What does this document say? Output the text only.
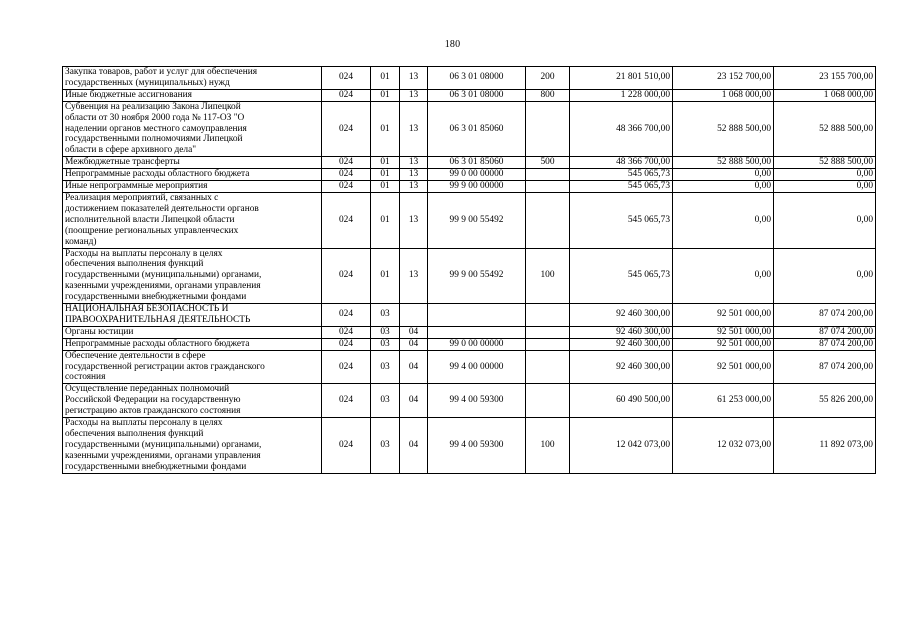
180
Закупка товаров, работ и услуг для обеспечения
государственных (муниципальных) нужд	024	01	13	06 3 01 08000	200	21 801 510,00	23 152 700,00	23 155 700,00

Иные бюджетные ассигнования	024	01	13	06 3 01 08000	800	1 228 000,00	1 068 000,00	1 068 000,00

Субвенция на реализацию Закона Липецкой
области от 30 ноября 2000 года № 117-ОЗ "О
наделении органов местного самоуправления
государственными полномочиями Липецкой
области в сфере архивного дела"	024	01	13	06 3 01 85060		48 366 700,00	52 888 500,00	52 888 500,00

Межбюджетные трансферты	024	01	13	06 3 01 85060	500	48 366 700,00	52 888 500,00	52 888 500,00

Непрограммные расходы областного бюджета	024	01	13	99 0 00 00000		545 065,73	0,00	0,00

Иные непрограммные мероприятия	024	01	13	99 9 00 00000		545 065,73	0,00	0,00

Реализация мероприятий, связанных с
достижением показателей деятельности органов
исполнительной власти Липецкой области
(поощрение региональных управленческих
команд)	024	01	13	99 9 00 55492		545 065,73	0,00	0,00

Расходы на выплаты персоналу в целях
обеспечения выполнения функций
государственными (муниципальными) органами,
казенными учреждениями, органами управления
государственными внебюджетными фондами	024	01	13	99 9 00 55492	100	545 065,73	0,00	0,00

НАЦИОНАЛЬНАЯ БЕЗОПАСНОСТЬ И
ПРАВООХРАНИТЕЛЬНАЯ ДЕЯТЕЛЬНОСТЬ	024	03				92 460 300,00	92 501 000,00	87 074 200,00

Органы юстиции	024	03	04			92 460 300,00	92 501 000,00	87 074 200,00

Непрограммные расходы областного бюджета	024	03	04	99 0 00 00000		92 460 300,00	92 501 000,00	87 074 200,00

Обеспечение деятельности в сфере
государственной регистрации актов гражданского
состояния	024	03	04	99 4 00 00000		92 460 300,00	92 501 000,00	87 074 200,00

Осуществление переданных полномочий
Российской Федерации на государственную
регистрацию актов гражданского состояния	024	03	04	99 4 00 59300		60 490 500,00	61 253 000,00	55 826 200,00

Расходы на выплаты персоналу в целях
обеспечения выполнения функций
государственными (муниципальными) органами,
казенными учреждениями, органами управления
государственными внебюджетными фондами	024	03	04	99 4 00 59300	100	12 042 073,00	12 032 073,00	11 892 073,00
